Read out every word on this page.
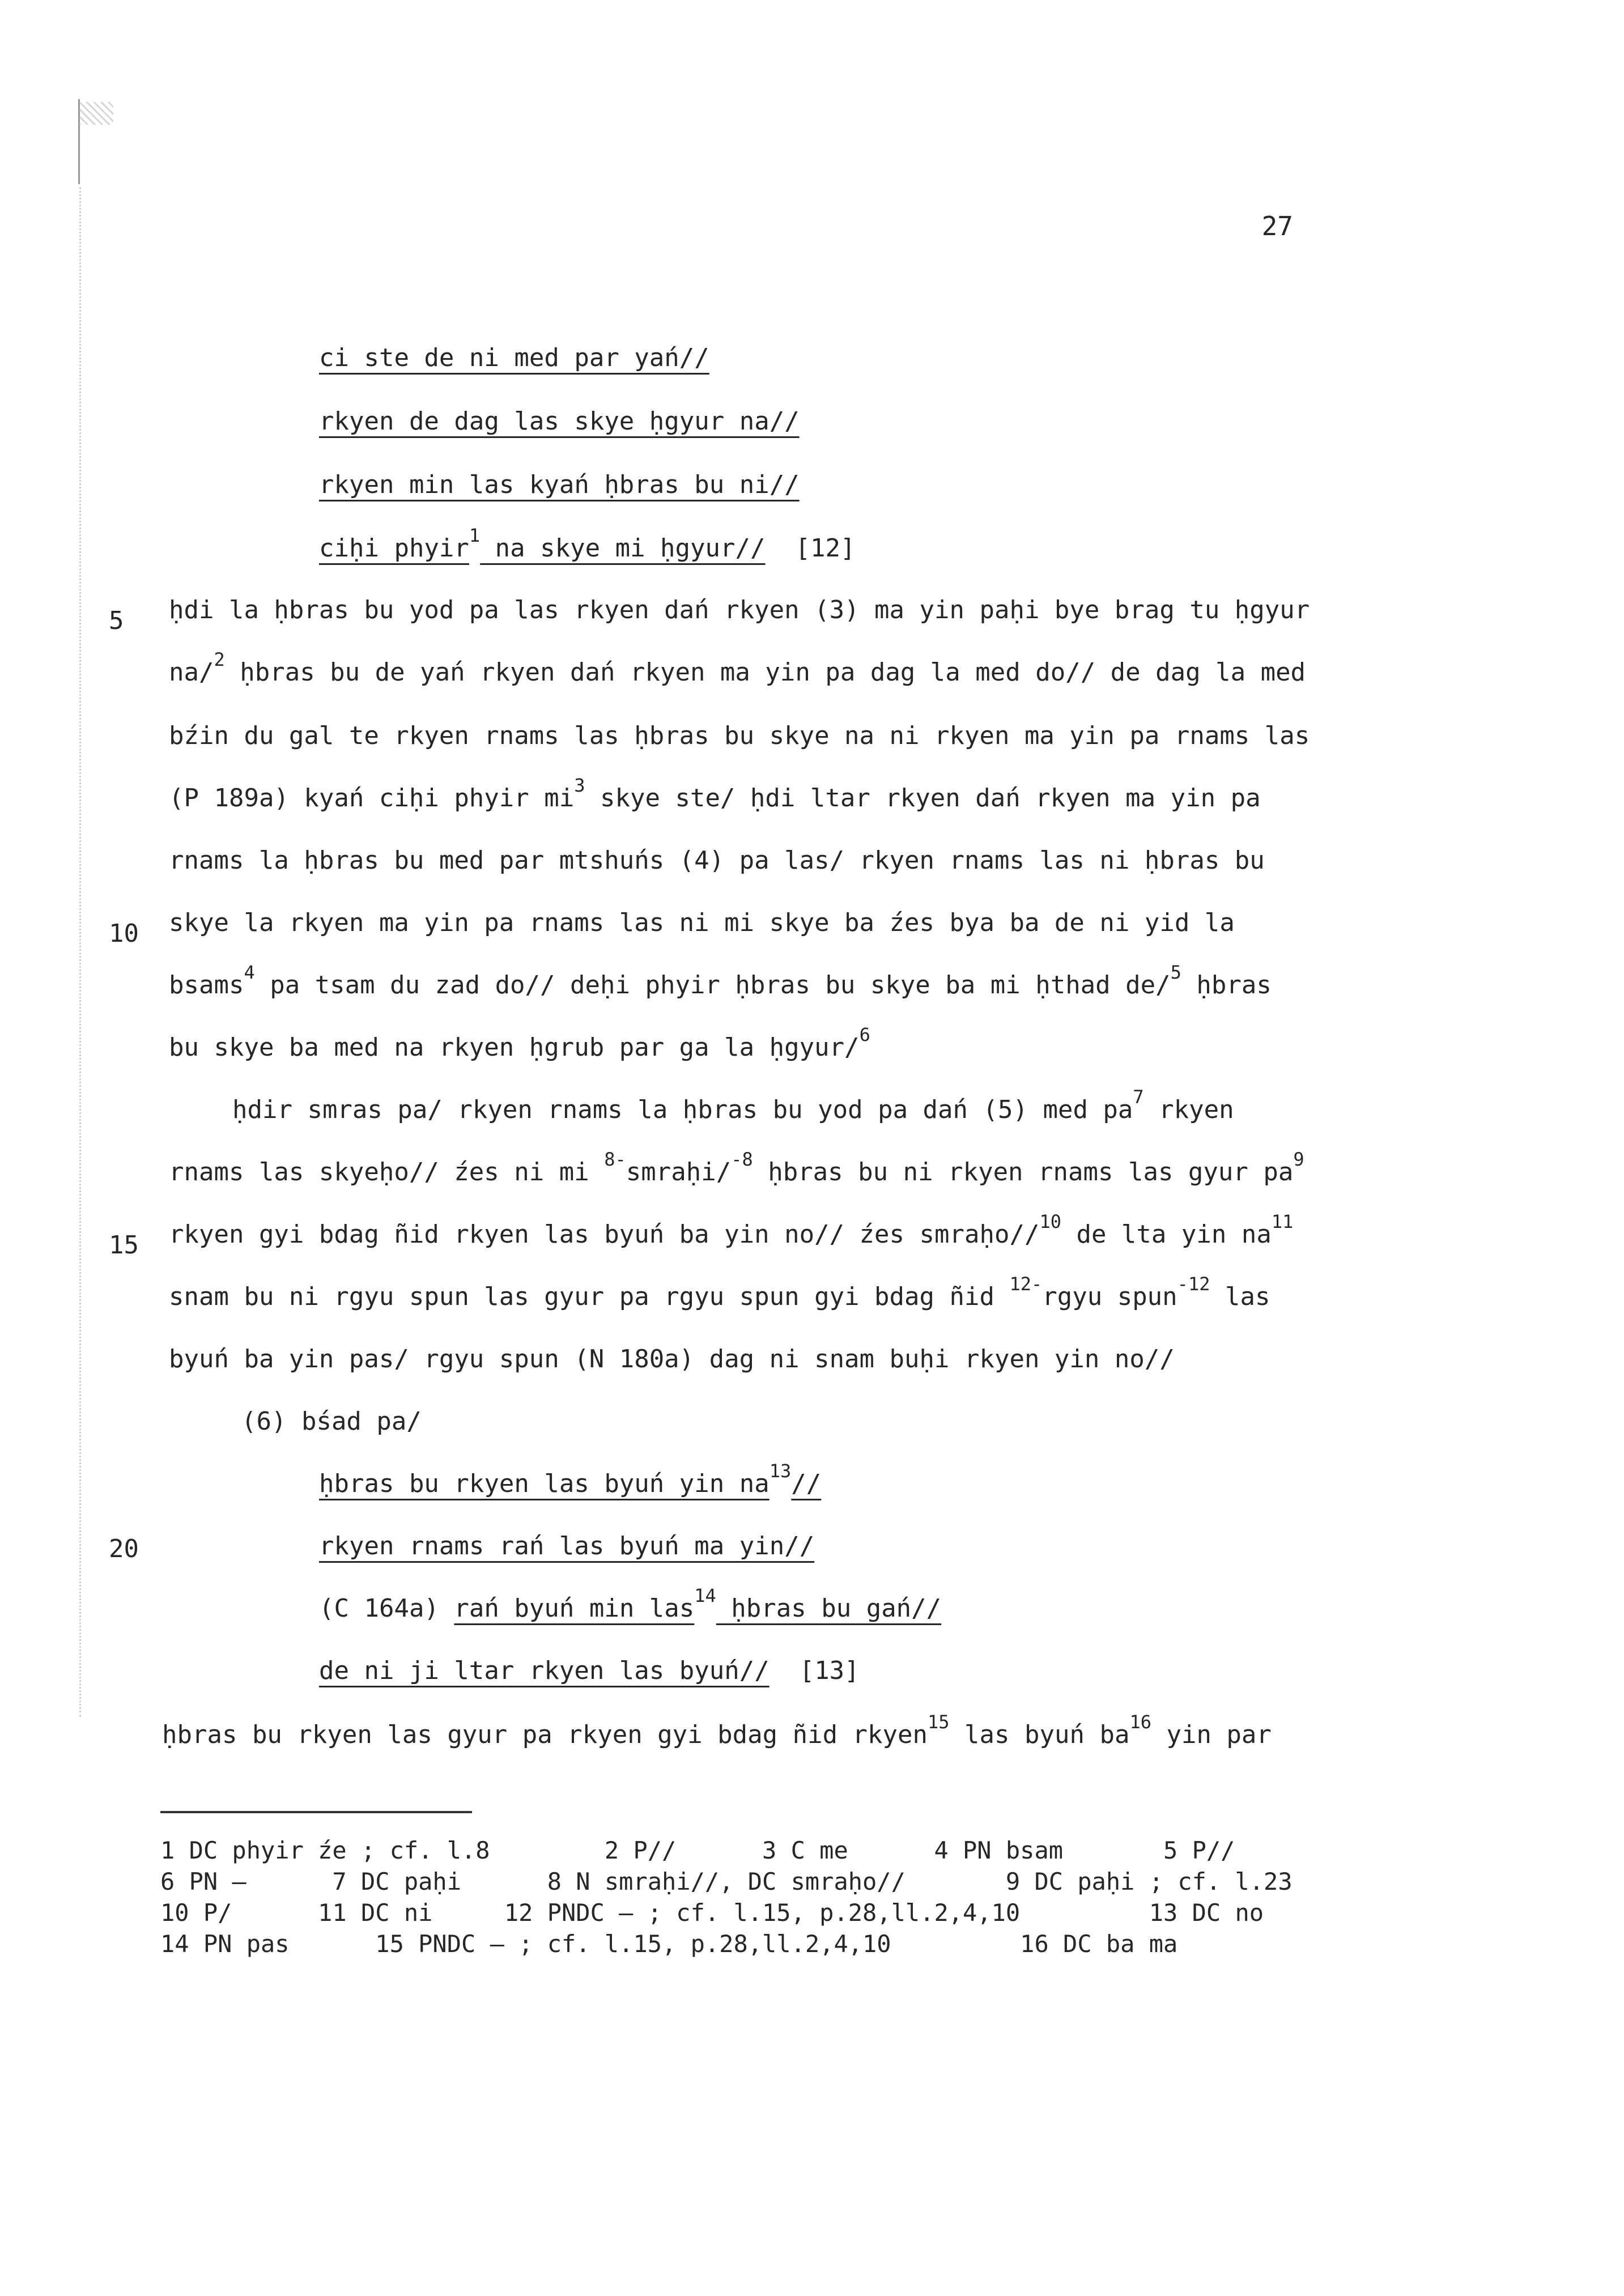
27
ci ste de ni med par yań//
rkyen de dag las skye ḥgyur na//
rkyen min las kyań ḥbras bu ni//
ciḥi phyir$^1$ na skye mi ḥgyur// [12]
5
10
15
20
ḥdi la ḥbras bu yod pa las rkyen dań rkyen (3) ma yin paḥi bye brag tu ḥgyur
na/$^2$ ḥbras bu de yań rkyen dań rkyen ma yin pa dag la med do// de dag la med
bźin du gal te rkyen rnams las ḥbras bu skye na ni rkyen ma yin pa rnams las
(P 189a) kyań ciḥi phyir $mi^3$ skye ste/ ḥdi ltar rkyen dań rkyen ma yin pa
rnams la ḥbras bu med par mtshuńs (4) pa las/ rkyen rnams las ni ḥbras bu
skye la rkyen ma yin pa rnams las ni mi skye ba źes bya ba de ni yid la
bsams$^4$ pa tsam du zad do// deḥi phyir ḥbras bu skye ba mi ḥthad de/$^5$ ḥbras
bu skye ba med na rkyen ḥgrub par ga la ḥgyur/$^6$
ḥdir smras pa/ rkyen rnams la ḥbras bu yod pa dań (5) med $pa^7$ rkyen
rnams las skyeḥo// źes ni mi $^{8-}$smraḥi/$^{-8}$ ḥbras bu ni rkyen rnams las gyur $pa^9$
rkyen gyi bdag ñid rkyen las byuń ba yin no// źes smraḥo//$^{10}$ de lta yin $na^{11}$
snam bu ni rgyu spun las gyur pa rgyu spun gyi bdag ñid $^{12-}$rgyu spun$^{-12}$ las
byuń ba yin pas/ rgyu spun (N 180a) dag ni snam buḥi rkyen yin no//
(6) bśad pa/
ḥbras bu rkyen las byuń yin $na^{13}//$
rkyen rnams rań las byuń ma yin//
(C 164a) rań byuń min las$^{14}$ ḥbras bu gań//
de ni ji ltar rkyen las byuń// [13]
ḥbras bu rkyen las gyur pa rkyen gyi bdag ñid rkyen$^{15}$ las byuń $ba^{16}$ yin par
1 DC phyir źe ; cf. l.8        2 P//      3 C me      4 PN bsam       5 P//
6 PN —      7 DC paḥi      8 N smraḥi//, DC smraḥo//       9 DC paḥi ; cf. l.23
10 P/      11 DC ni     12 PNDC — ; cf. l.15, p.28,ll.2,4,10         13 DC no
14 PN pas      15 PNDC — ; cf. l.15, p.28,ll.2,4,10         16 DC ba ma
